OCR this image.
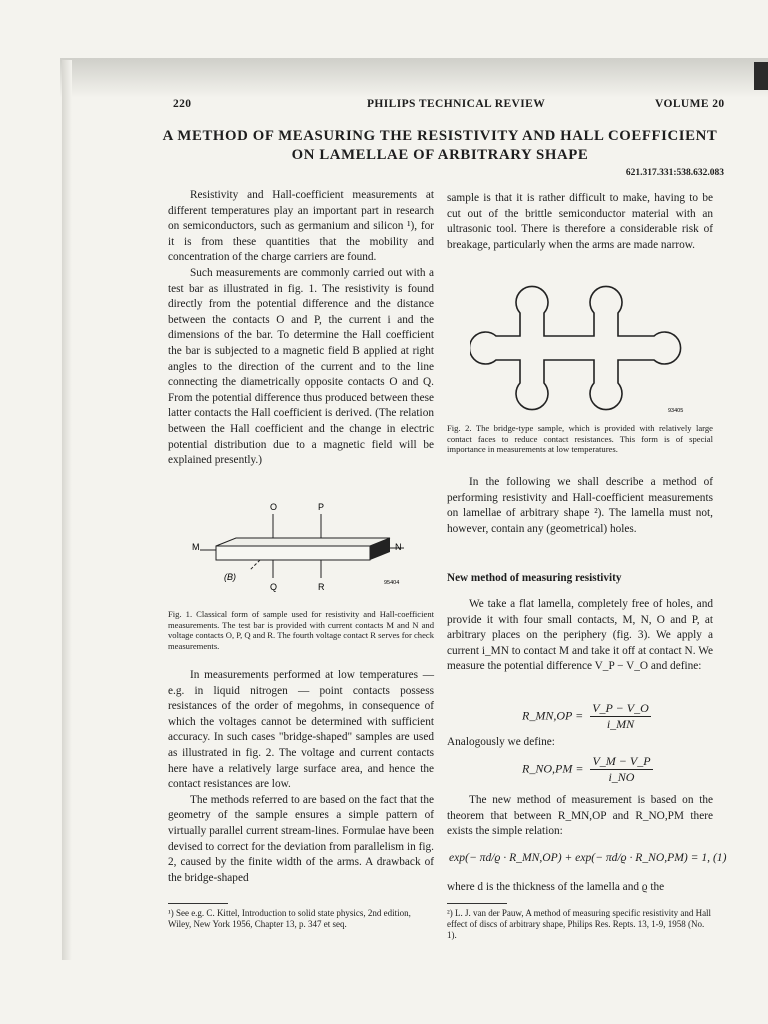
220	PHILIPS TECHNICAL REVIEW	VOLUME 20
A METHOD OF MEASURING THE RESISTIVITY AND HALL COEFFICIENT
ON LAMELLAE OF ARBITRARY SHAPE
621.317.331:538.632.083

Resistivity and Hall-coefficient measurements at different temperatures play an important part in research on semiconductors, such as germanium and silicon ¹), for it is from these quantities that the mobility and concentration of the charge carriers are found.

Such measurements are commonly carried out with a test bar as illustrated in fig. 1. The resistivity is found directly from the potential difference and the distance between the contacts O and P, the current i and the dimensions of the bar. To determine the Hall coefficient the bar is subjected to a magnetic field B applied at right angles to the direction of the current and to the line connecting the diametrically opposite contacts O and Q. From the potential difference thus produced between these latter contacts the Hall coefficient is derived. (The relation between the Hall coefficient and the change in electric potential distribution due to a magnetic field will be explained presently.)

O	P
M	N
(B)
Q	R	95404
Fig. 1. Classical form of sample used for resistivity and Hall-coefficient measurements. The test bar is provided with current contacts M and N and voltage contacts O, P, Q and R. The fourth voltage contact R serves for check measurements.

In measurements performed at low temperatures — e.g. in liquid nitrogen — point contacts possess resistances of the order of megohms, in consequence of which the voltages cannot be determined with sufficient accuracy. In such cases "bridge-shaped" samples are used as illustrated in fig. 2. The voltage and current contacts here have a relatively large surface area, and hence the contact resistances are low.

The methods referred to are based on the fact that the geometry of the sample ensures a simple pattern of virtually parallel current stream-lines. Formulae have been devised to correct for the deviation from parallelism in fig. 2, caused by the finite width of the arms. A drawback of the bridge-shaped

¹) See e.g. C. Kittel, Introduction to solid state physics, 2nd edition, Wiley, New York 1956, Chapter 13, p. 347 et seq.

sample is that it is rather difficult to make, having to be cut out of the brittle semiconductor material with an ultrasonic tool. There is therefore a considerable risk of breakage, particularly when the arms are made narrow.

93405
Fig. 2. The bridge-type sample, which is provided with relatively large contact faces to reduce contact resistances. This form is of special importance in measurements at low temperatures.

In the following we shall describe a method of performing resistivity and Hall-coefficient measurements on lamellae of arbitrary shape ²). The lamella must not, however, contain any (geometrical) holes.

New method of measuring resistivity

We take a flat lamella, completely free of holes, and provide it with four small contacts, M, N, O and P, at arbitrary places on the periphery (fig. 3). We apply a current i_MN to contact M and take it off at contact N. We measure the potential difference V_P − V_O and define:

R_MN,OP = $\frac{V\_P - V\_O}{i\_MN}$
Analogously we define:
R_NO,PM = $\frac{V\_M - V\_P}{i\_NO}$

The new method of measurement is based on the theorem that between R_MN,OP and R_NO,PM there exists the simple relation:

exp(− πd/ϱ · R_MN,OP) + exp(− πd/ϱ · R_NO,PM) = 1, (1)
where d is the thickness of the lamella and ϱ the
²) L. J. van der Pauw, A method of measuring specific resistivity and Hall effect of discs of arbitrary shape, Philips Res. Repts. 13, 1-9, 1958 (No. 1).
